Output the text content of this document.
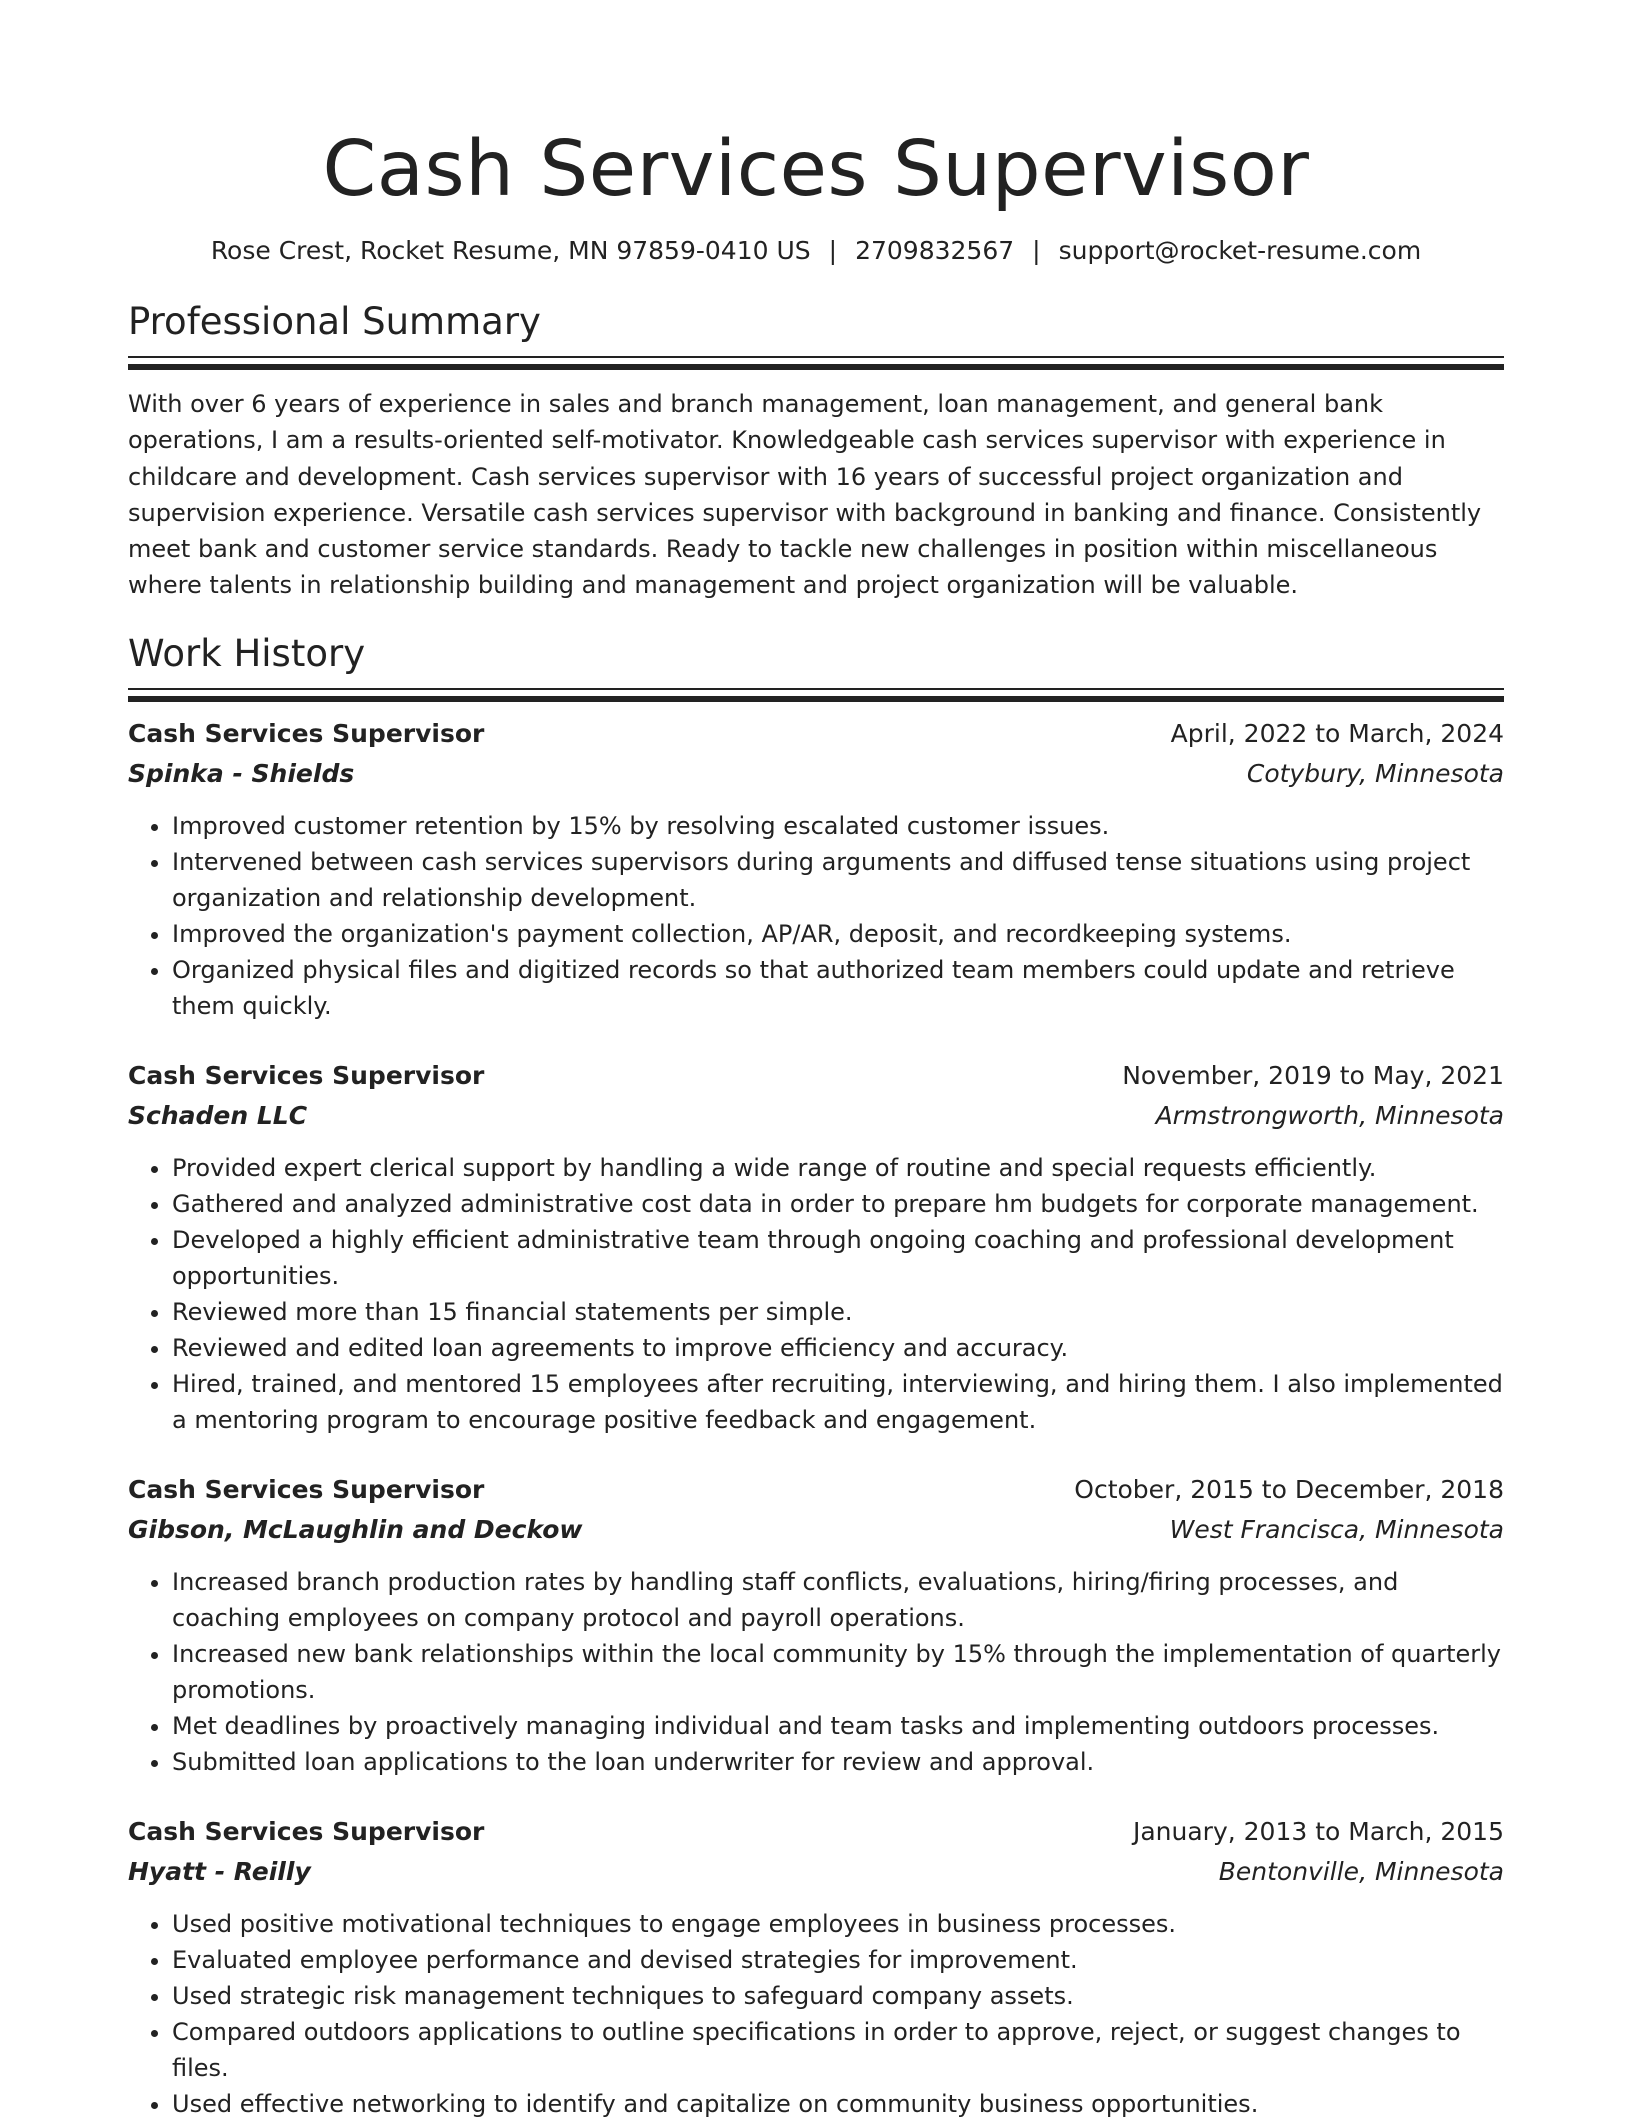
Cash Services Supervisor
Rose Crest, Rocket Resume, MN 97859-0410 US | 2709832567 | support@rocket-resume.com
Professional Summary
With over 6 years of experience in sales and branch management, loan management, and general bank operations, I am a results-oriented self-motivator. Knowledgeable cash services supervisor with experience in childcare and development. Cash services supervisor with 16 years of successful project organization and supervision experience. Versatile cash services supervisor with background in banking and finance. Consistently meet bank and customer service standards. Ready to tackle new challenges in position within miscellaneous where talents in relationship building and management and project organization will be valuable.
Work History
Cash Services Supervisor	April, 2022 to March, 2024
Spinka - Shields	Cotybury, Minnesota
• Improved customer retention by 15% by resolving escalated customer issues.
• Intervened between cash services supervisors during arguments and diffused tense situations using project organization and relationship development.
• Improved the organization's payment collection, AP/AR, deposit, and recordkeeping systems.
• Organized physical files and digitized records so that authorized team members could update and retrieve them quickly.
Cash Services Supervisor	November, 2019 to May, 2021
Schaden LLC	Armstrongworth, Minnesota
• Provided expert clerical support by handling a wide range of routine and special requests efficiently.
• Gathered and analyzed administrative cost data in order to prepare hm budgets for corporate management.
• Developed a highly efficient administrative team through ongoing coaching and professional development opportunities.
• Reviewed more than 15 financial statements per simple.
• Reviewed and edited loan agreements to improve efficiency and accuracy.
• Hired, trained, and mentored 15 employees after recruiting, interviewing, and hiring them. I also implemented a mentoring program to encourage positive feedback and engagement.
Cash Services Supervisor	October, 2015 to December, 2018
Gibson, McLaughlin and Deckow	West Francisca, Minnesota
• Increased branch production rates by handling staff conflicts, evaluations, hiring/firing processes, and coaching employees on company protocol and payroll operations.
• Increased new bank relationships within the local community by 15% through the implementation of quarterly promotions.
• Met deadlines by proactively managing individual and team tasks and implementing outdoors processes.
• Submitted loan applications to the loan underwriter for review and approval.
Cash Services Supervisor	January, 2013 to March, 2015
Hyatt - Reilly	Bentonville, Minnesota
• Used positive motivational techniques to engage employees in business processes.
• Evaluated employee performance and devised strategies for improvement.
• Used strategic risk management techniques to safeguard company assets.
• Compared outdoors applications to outline specifications in order to approve, reject, or suggest changes to files.
• Used effective networking to identify and capitalize on community business opportunities.
